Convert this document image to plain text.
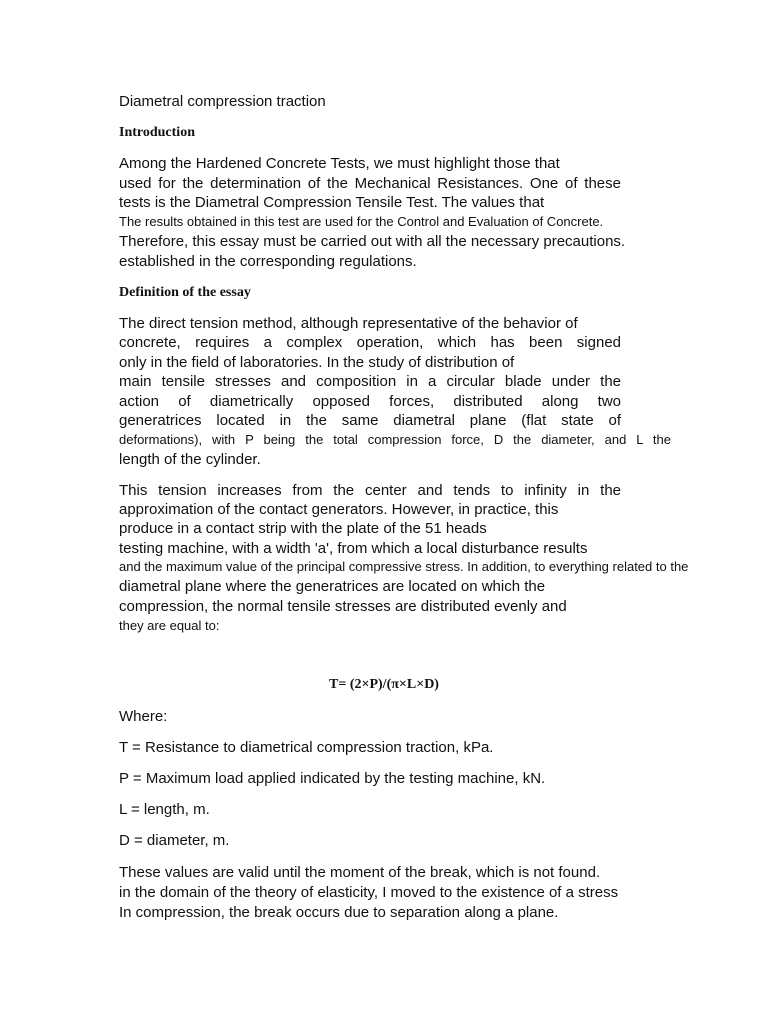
Diametral compression traction

Introduction

Among the Hardened Concrete Tests, we must highlight those that

used for the determination of the Mechanical Resistances. One of these

tests is the Diametral Compression Tensile Test. The values that

The results obtained in this test are used for the Control and Evaluation of Concrete.

Therefore, this essay must be carried out with all the necessary precautions.

established in the corresponding regulations.

Definition of the essay

The direct tension method, although representative of the behavior of

concrete, requires a complex operation, which has been signed

only in the field of laboratories. In the study of distribution of

main tensile stresses and composition in a circular blade under the

action of diametrically opposed forces, distributed along two

generatrices located in the same diametral plane (flat state of

deformations), with P being the total compression force, D the diameter, and L the

length of the cylinder.

This tension increases from the center and tends to infinity in the

approximation of the contact generators. However, in practice, this

produce in a contact strip with the plate of the 51 heads

testing machine, with a width 'a', from which a local disturbance results

and the maximum value of the principal compressive stress. In addition, to everything related to the

diametral plane where the generatrices are located on which the

compression, the normal tensile stresses are distributed evenly and

they are equal to:

T= (2×P)/(π×L×D)

Where:

T = Resistance to diametrical compression traction, kPa.

P = Maximum load applied indicated by the testing machine, kN.

L = length, m.

D = diameter, m.

These values are valid until the moment of the break, which is not found.

in the domain of the theory of elasticity, I moved to the existence of a stress

In compression, the break occurs due to separation along a plane.
